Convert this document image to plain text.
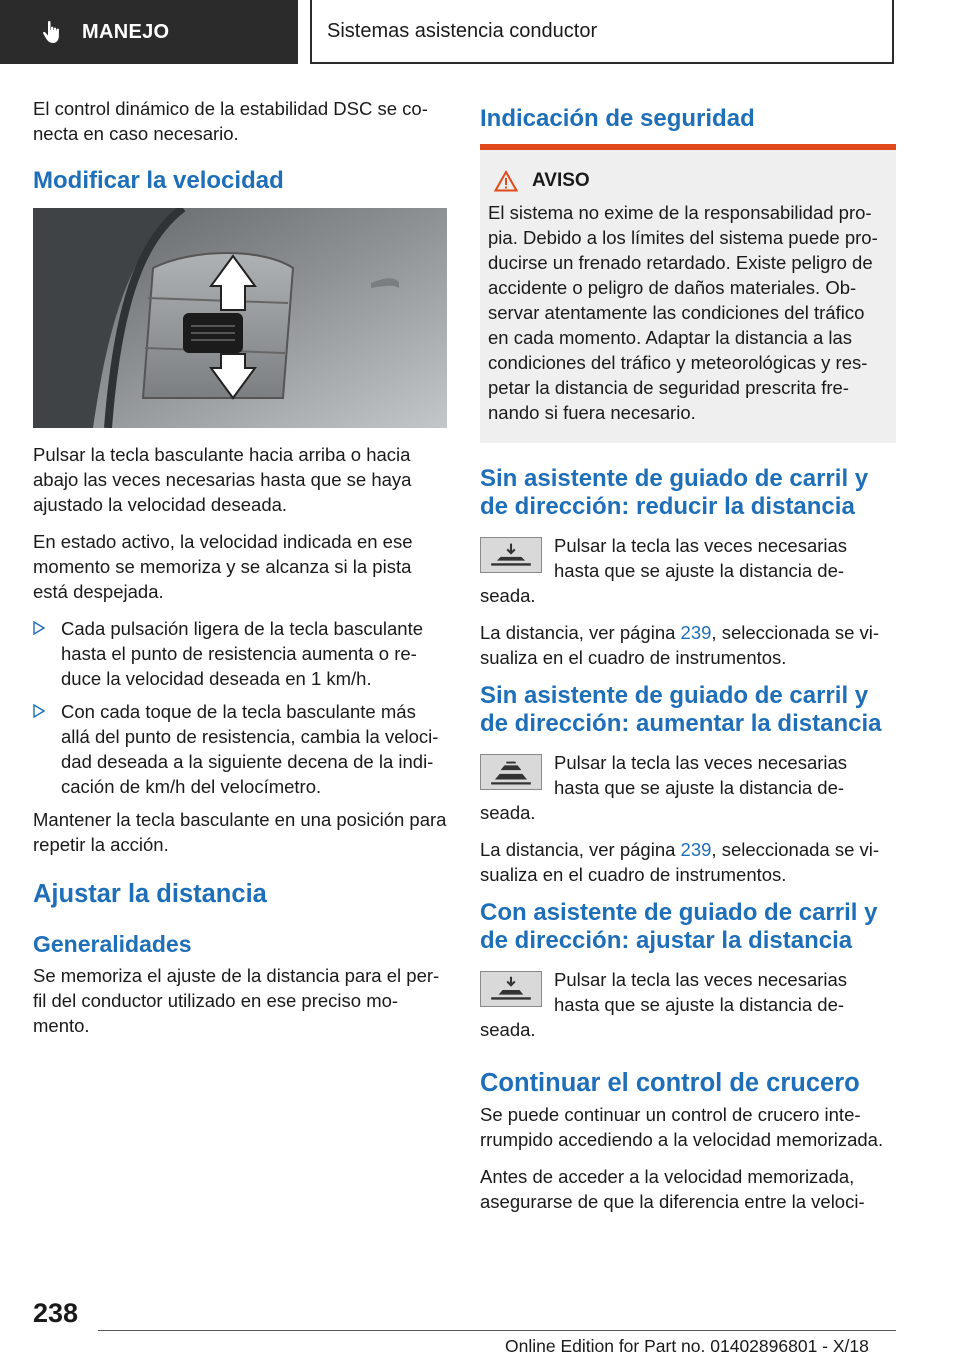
MANEJO	Sistemas asistencia conductor

El control dinámico de la estabilidad DSC se co-necta en caso necesario.

Modificar la velocidad

Pulsar la tecla basculante hacia arriba o hacia abajo las veces necesarias hasta que se haya ajustado la velocidad deseada.

En estado activo, la velocidad indicada en ese momento se memoriza y se alcanza si la pista está despejada.

Cada pulsación ligera de la tecla basculante hasta el punto de resistencia aumenta o re-duce la velocidad deseada en 1 km/h.
Con cada toque de la tecla basculante más allá del punto de resistencia, cambia la veloci-dad deseada a la siguiente decena de la indi-cación de km/h del velocímetro.

Mantener la tecla basculante en una posición para repetir la acción.

Ajustar la distancia
Generalidades

Se memoriza el ajuste de la distancia para el per-fil del conductor utilizado en ese preciso mo-mento.

Indicación de seguridad
AVISO

El sistema no exime de la responsabilidad pro-pia. Debido a los límites del sistema puede pro-ducirse un frenado retardado. Existe peligro de accidente o peligro de daños materiales. Ob-servar atentamente las condiciones del tráfico en cada momento. Adaptar la distancia a las condiciones del tráfico y meteorológicas y res-petar la distancia de seguridad prescrita fre-nando si fuera necesario.

Sin asistente de guiado de carril y de dirección: reducir la distancia

Pulsar la tecla las veces necesarias hasta que se ajuste la distancia de-seada.

La distancia, ver página 239, seleccionada se vi-sualiza en el cuadro de instrumentos.

Sin asistente de guiado de carril y de dirección: aumentar la distancia

Pulsar la tecla las veces necesarias hasta que se ajuste la distancia de-seada.

La distancia, ver página 239, seleccionada se vi-sualiza en el cuadro de instrumentos.

Con asistente de guiado de carril y de dirección: ajustar la distancia

Pulsar la tecla las veces necesarias hasta que se ajuste la distancia de-seada.

Continuar el control de crucero

Se puede continuar un control de crucero inte-rrumpido accediendo a la velocidad memorizada.

Antes de acceder a la velocidad memorizada, asegurarse de que la diferencia entre la veloci-

238
Online Edition for Part no. 01402896801 - X/18
